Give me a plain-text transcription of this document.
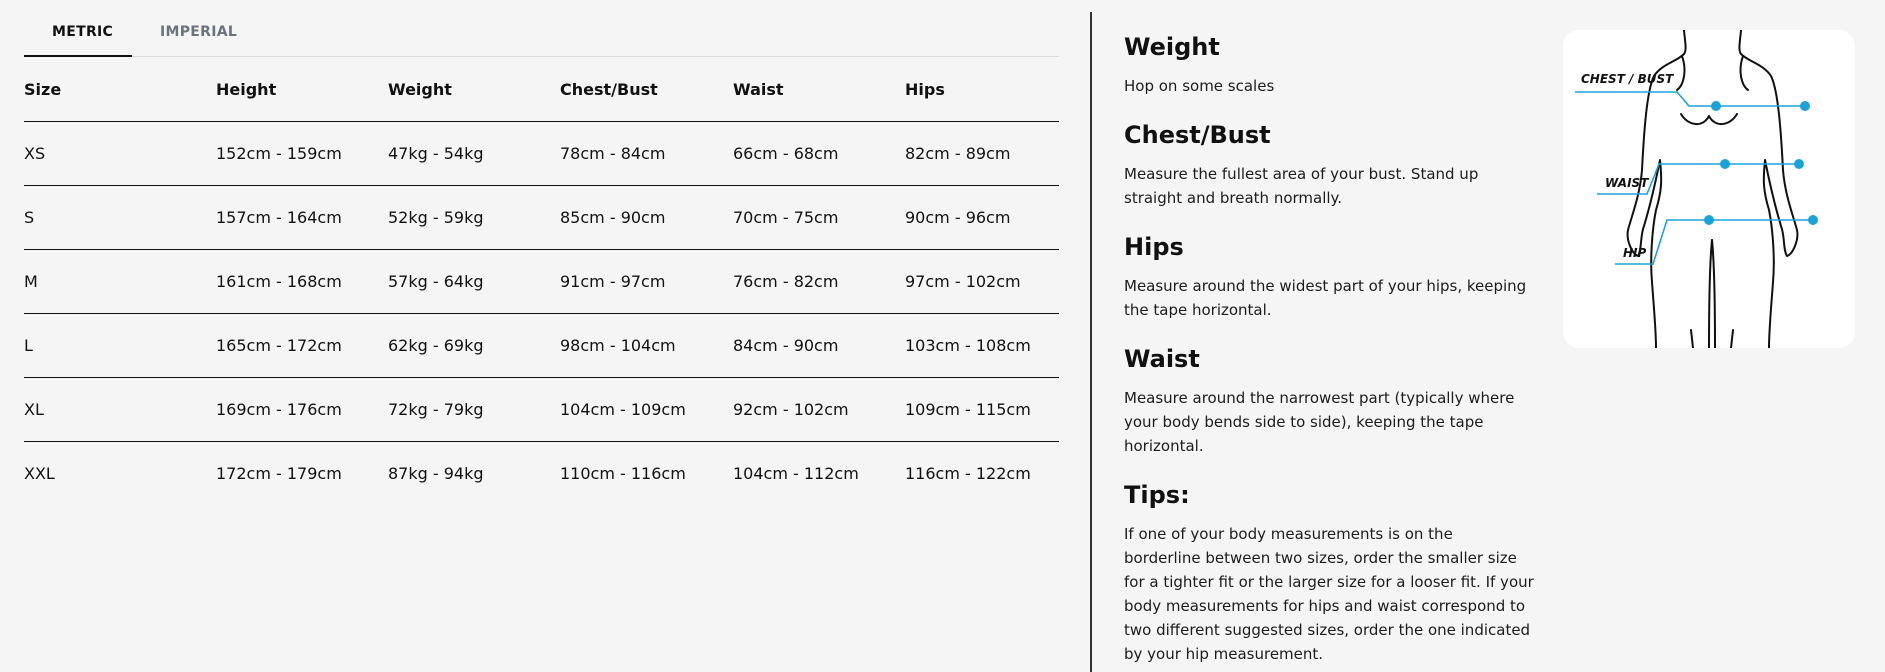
METRIC	IMPERIAL
Size	Height	Weight	Chest/Bust	Waist	Hips
XS	152cm - 159cm	47kg - 54kg	78cm - 84cm	66cm - 68cm	82cm - 89cm
S	157cm - 164cm	52kg - 59kg	85cm - 90cm	70cm - 75cm	90cm - 96cm
M	161cm - 168cm	57kg - 64kg	91cm - 97cm	76cm - 82cm	97cm - 102cm
L	165cm - 172cm	62kg - 69kg	98cm - 104cm	84cm - 90cm	103cm - 108cm
XL	169cm - 176cm	72kg - 79kg	104cm - 109cm	92cm - 102cm	109cm - 115cm
XXL	172cm - 179cm	87kg - 94kg	110cm - 116cm	104cm - 112cm	116cm - 122cm
Weight

Hop on some scales

Chest/Bust

Measure the fullest area of your bust. Stand up straight and breath normally.

Hips

Measure around the widest part of your hips, keeping the tape horizontal.

Waist

Measure around the narrowest part (typically where your body bends side to side), keeping the tape horizontal.

Tips:

If one of your body measurements is on the borderline between two sizes, order the smaller size for a tighter fit or the larger size for a looser fit. If your body measurements for hips and waist correspond to two different suggested sizes, order the one indicated by your hip measurement.

CHEST / BUST
WAIST
HIP
